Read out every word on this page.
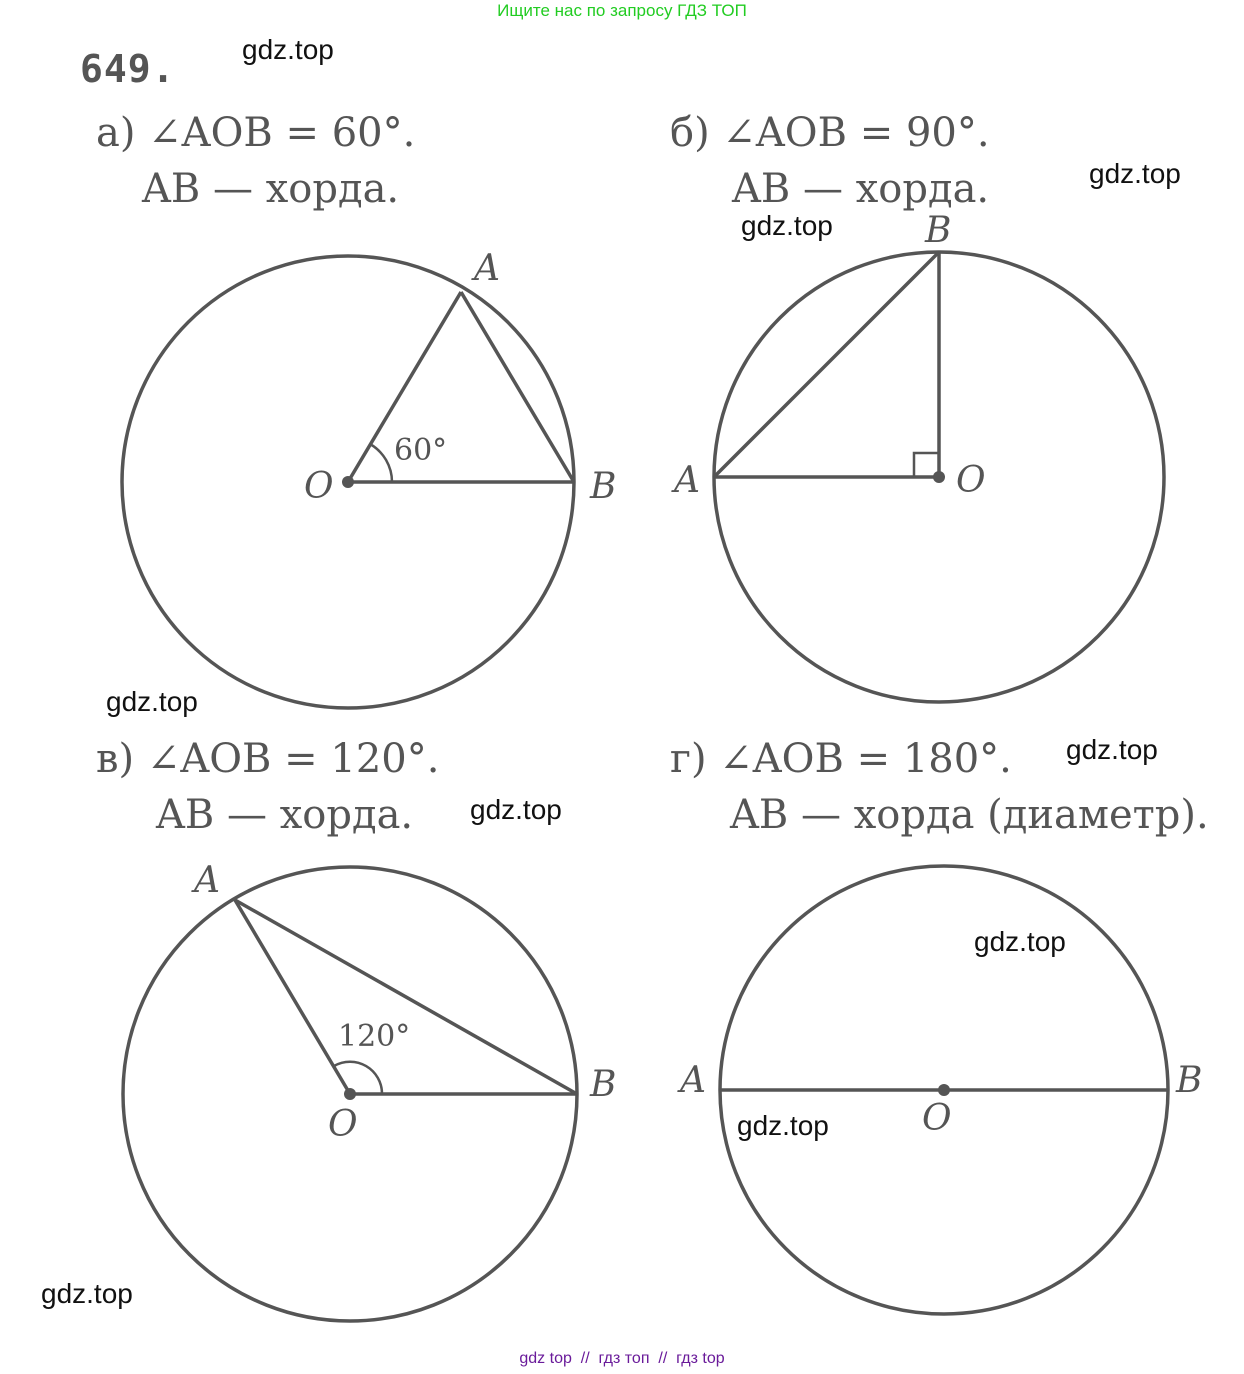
Ищите нас по запросу ГДЗ ТОП
649.
а) ∠AOB = 60°.
AB — хорда.
б) ∠AOB = 90°.
AB — хорда.
в) ∠AOB = 120°.
AB — хорда.
г) ∠AOB = 180°.
AB — хорда (диаметр).
A
B
O
60°
B
A	O
A
B
O
120°
A	B
O
gdz.top
gdz.top
gdz.top
gdz.top
gdz.top
gdz.top
gdz.top
gdz.top
gdz.top
gdz top  //  гдз топ  //  гдз top
